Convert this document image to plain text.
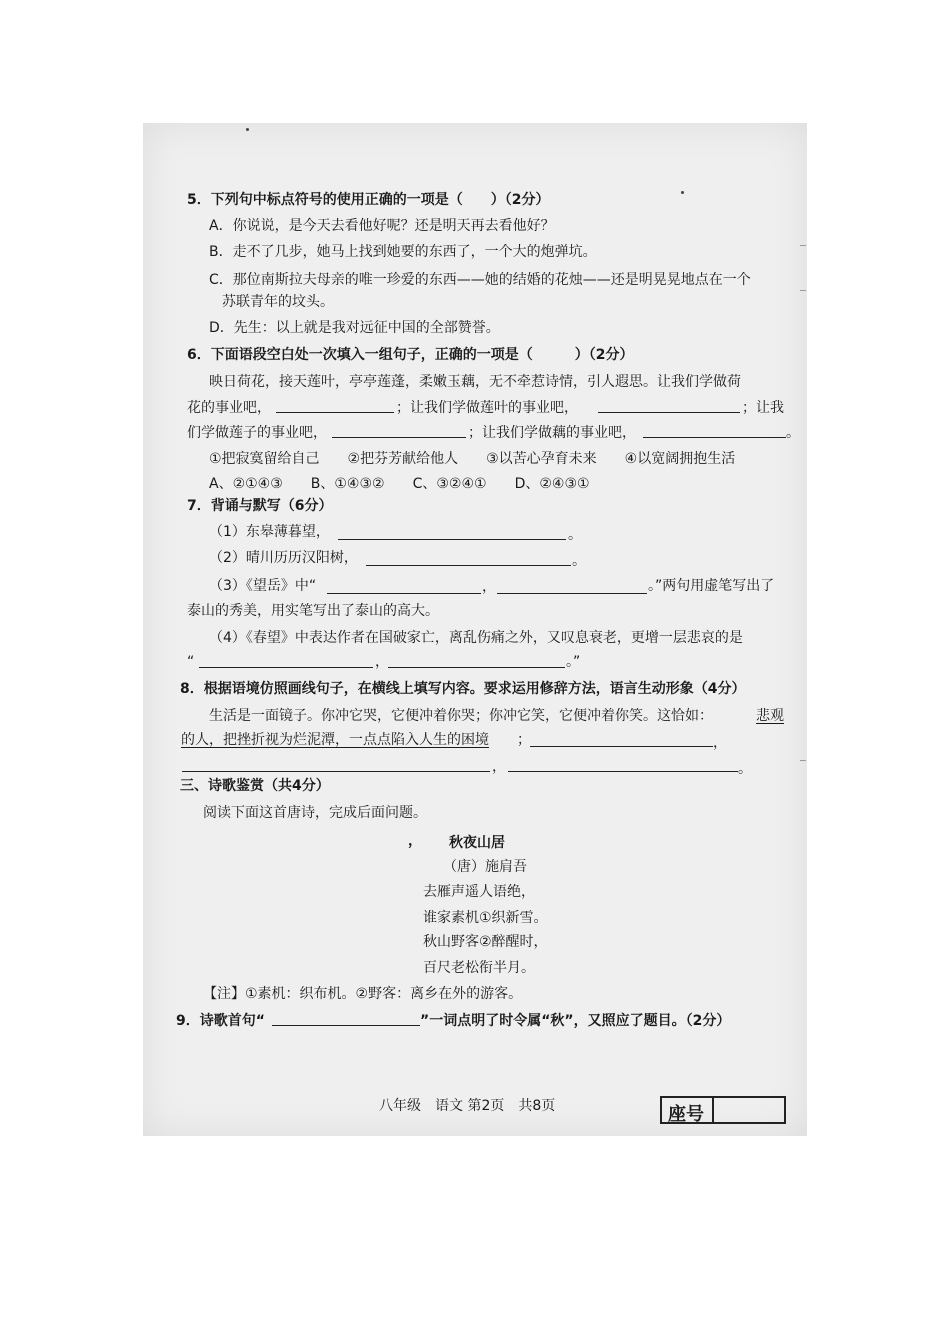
5．下列句中标点符号的使用正确的一项是（　　）（2分）
A．你说说，是今天去看他好呢？还是明天再去看他好？
B．走不了几步，她马上找到她要的东西了，一个大的炮弹坑。
C．那位南斯拉夫母亲的唯一珍爱的东西——她的结婚的花烛——还是明晃晃地点在一个
苏联青年的坟头。
D．先生：以上就是我对远征中国的全部赞誉。
6．下面语段空白处一次填入一组句子，正确的一项是（　　　）（2分）
映日荷花，接天莲叶，亭亭莲蓬，柔嫩玉藕，无不牵惹诗情，引人遐思。让我们学做荷
花的事业吧，	；让我们学做莲叶的事业吧，	；让我
们学做莲子的事业吧，	；让我们学做藕的事业吧，	。
①把寂寞留给自己　　②把芬芳献给他人　　③以苦心孕育未来　　④以宽阔拥抱生活
A、②①④③　　B、①④③②　　C、③②④①　　D、②④③①
7．背诵与默写（6分）
（1）东皋薄暮望，	。
（2）晴川历历汉阳树，	。
（3）《望岳》中“	，	。”两句用虚笔写出了
泰山的秀美，用实笔写出了泰山的高大。
（4）《春望》中表达作者在国破家亡，离乱伤痛之外，又叹息衰老，更增一层悲哀的是
“	，	。”
8．根据语境仿照画线句子，在横线上填写内容。要求运用修辞方法，语言生动形象（4分）
生活是一面镜子。你冲它哭，它便冲着你哭；你冲它笑，它便冲着你笑。这恰如：	悲观
的人，把挫折视为烂泥潭，一点点陷入人生的困境 ；	，
，	。
三、诗歌鉴赏（共4分）
阅读下面这首唐诗，完成后面问题。
， 秋夜山居
（唐）施肩吾
去雁声遥人语绝，
谁家素机①织新雪。
秋山野客②醉醒时，
百尺老松衔半月。
【注】①素机：织布机。②野客：离乡在外的游客。
9．诗歌首句“	”一词点明了时令属“秋”，又照应了题目。（2分）
八年级　语文 第2页　共8页	座号
